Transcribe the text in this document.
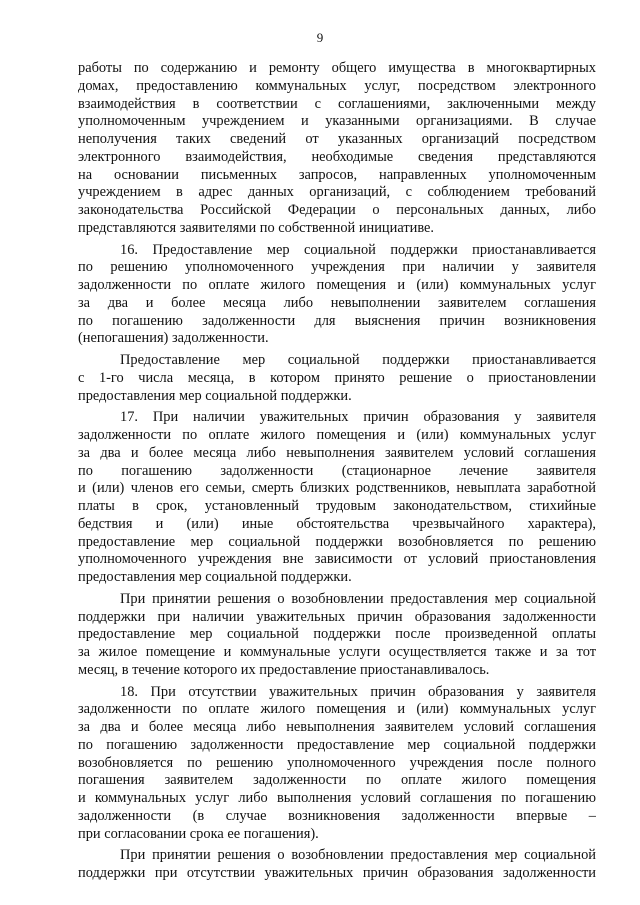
9

работы по содержанию и ремонту общего имущества в многоквартирных
домах, предоставлению коммунальных услуг, посредством электронного
взаимодействия в соответствии с соглашениями, заключенными между
уполномоченным учреждением и указанными организациями. В случае
неполучения таких сведений от указанных организаций посредством
электронного взаимодействия, необходимые сведения представляются
на основании письменных запросов, направленных уполномоченным
учреждением в адрес данных организаций, с соблюдением требований
законодательства Российской Федерации о персональных данных, либо
представляются заявителями по собственной инициативе.

16. Предоставление мер социальной поддержки приостанавливается
по решению уполномоченного учреждения при наличии у заявителя
задолженности по оплате жилого помещения и (или) коммунальных услуг
за два и более месяца либо невыполнении заявителем соглашения
по погашению задолженности для выяснения причин возникновения
(непогашения) задолженности.

Предоставление мер социальной поддержки приостанавливается
с 1-го числа месяца, в котором принято решение о приостановлении
предоставления мер социальной поддержки.

17. При наличии уважительных причин образования у заявителя
задолженности по оплате жилого помещения и (или) коммунальных услуг
за два и более месяца либо невыполнения заявителем условий соглашения
по погашению задолженности (стационарное лечение заявителя
и (или) членов его семьи, смерть близких родственников, невыплата заработной
платы в срок, установленный трудовым законодательством, стихийные
бедствия и (или) иные обстоятельства чрезвычайного характера),
предоставление мер социальной поддержки возобновляется по решению
уполномоченного учреждения вне зависимости от условий приостановления
предоставления мер социальной поддержки.

При принятии решения о возобновлении предоставления мер социальной
поддержки при наличии уважительных причин образования задолженности
предоставление мер социальной поддержки после произведенной оплаты
за жилое помещение и коммунальные услуги осуществляется также и за тот
месяц, в течение которого их предоставление приостанавливалось.

18. При отсутствии уважительных причин образования у заявителя
задолженности по оплате жилого помещения и (или) коммунальных услуг
за два и более месяца либо невыполнения заявителем условий соглашения
по погашению задолженности предоставление мер социальной поддержки
возобновляется по решению уполномоченного учреждения после полного
погашения заявителем задолженности по оплате жилого помещения
и коммунальных услуг либо выполнения условий соглашения по погашению
задолженности (в случае возникновения задолженности впервые –
при согласовании срока ее погашения).

При принятии решения о возобновлении предоставления мер социальной
поддержки при отсутствии уважительных причин образования задолженности
